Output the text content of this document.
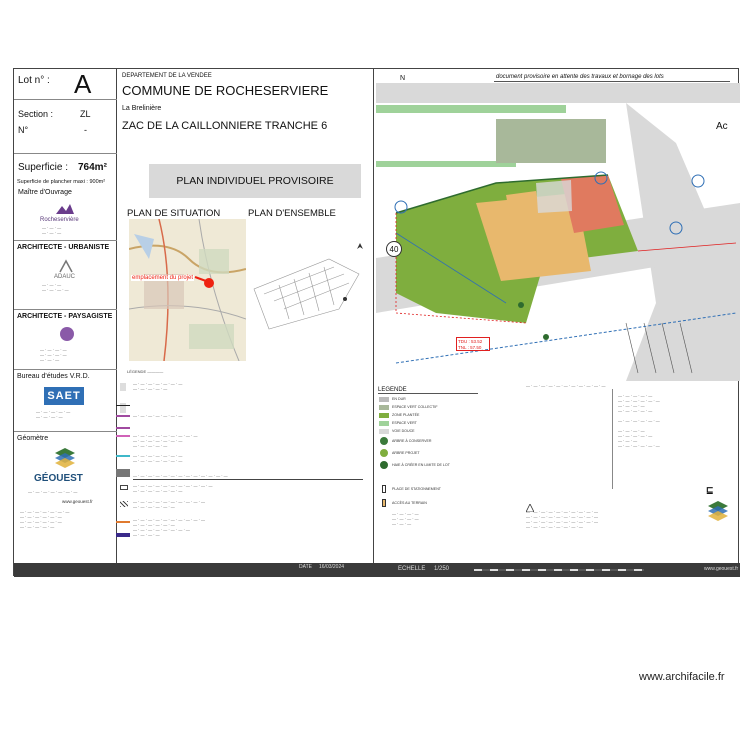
Lot n° : A
Section :	ZL
N°	-
Superficie : 764m²
Superficie de plancher maxi : 900m²
Maître d'Ouvrage
Rocheservière
— · — · —
— · — · —
ARCHITECTE - URBANISTE
ADAUC
— · — · —
— · — · — · —
ARCHITECTE - PAYSAGISTE
— · — · — · —
— · — · — · —
— · — · —
Bureau d'études V.R.D.
SAET
— · — · — · — · —
— · — · — · —
Géomètre
GÉOUEST
— · — · — · — · — · — · —
www.geouest.fr
— · — · — · — · — · — · —
— · — · — · — · — · —
— · — · — · — · — · —
— · — · — · — · —
DEPARTEMENT DE LA VENDEE
COMMUNE DE ROCHESERVIERE
La Brelinière
ZAC DE LA CAILLONNIERE TRANCHE 6
PLAN INDIVIDUEL PROVISOIRE
PLAN DE SITUATION	PLAN D'ENSEMBLE
emplacement du projet
LÉGENDE ————
— · — · — · — · — · — · —
— · — · — · — · —
— · — · — · — · — · — · —
— · — · — · — · — · — · — · — · —
— · — · — · — · — · — · —
— · — · — · — · —
— · — · — · — · — · — · —
— · — · — · — · — · — · —
— · — · — · — · — · — · — · — · — · — · — · — · —
— · — · — · — · — · — · — · — · — · — · —
— · — · — · — · — · — · —
— · — · — · — · — · — · — · — · — · —
— · — · — · — · — · —
— · — · — · — · — · — · — · — · — · —
— · — · — · — · — · —
— · — · — · — · — · — · — · —
— · — · — · —
document provisoire en attente des travaux et bornage des lots
N
40
Ac
TDU : 53.52
TNL : 57.50
LEGENDE
EN DUR
ESPACE VERT COLLECTIF
ZONE PLANTÉE
ESPACE VERT
VOIE DOUCE
ARBRE À CONSERVER
ARBRE PROJET
HAIE À CRÉER EN LIMITE DE LOT
PLACE DE STATIONNEMENT
ACCÈS AU TERRAIN
— · — · — · —
— · — · — · —
— · — · —
— · — · — · — · — · — · — · — · — · — · —
— · — · — · — · —
— · — · — · — · — · —
— · — · — · —
— · — · — · — · —

— · — · — · — · — · —

— · — · — · —
— · — · — · — · —
— · — · —
— · — · — · — · — · —
— · — · — · — · — · — · — · — · — · —
— · — · — · — · — · — · — · — · — · —
— · — · — · — · — · — · — · — · — · —
— · — · — · — · — · — · — · —
⊑
DATE 16/03/2024	ECHELLE 1/250	www.geouest.fr
www.archifacile.fr
